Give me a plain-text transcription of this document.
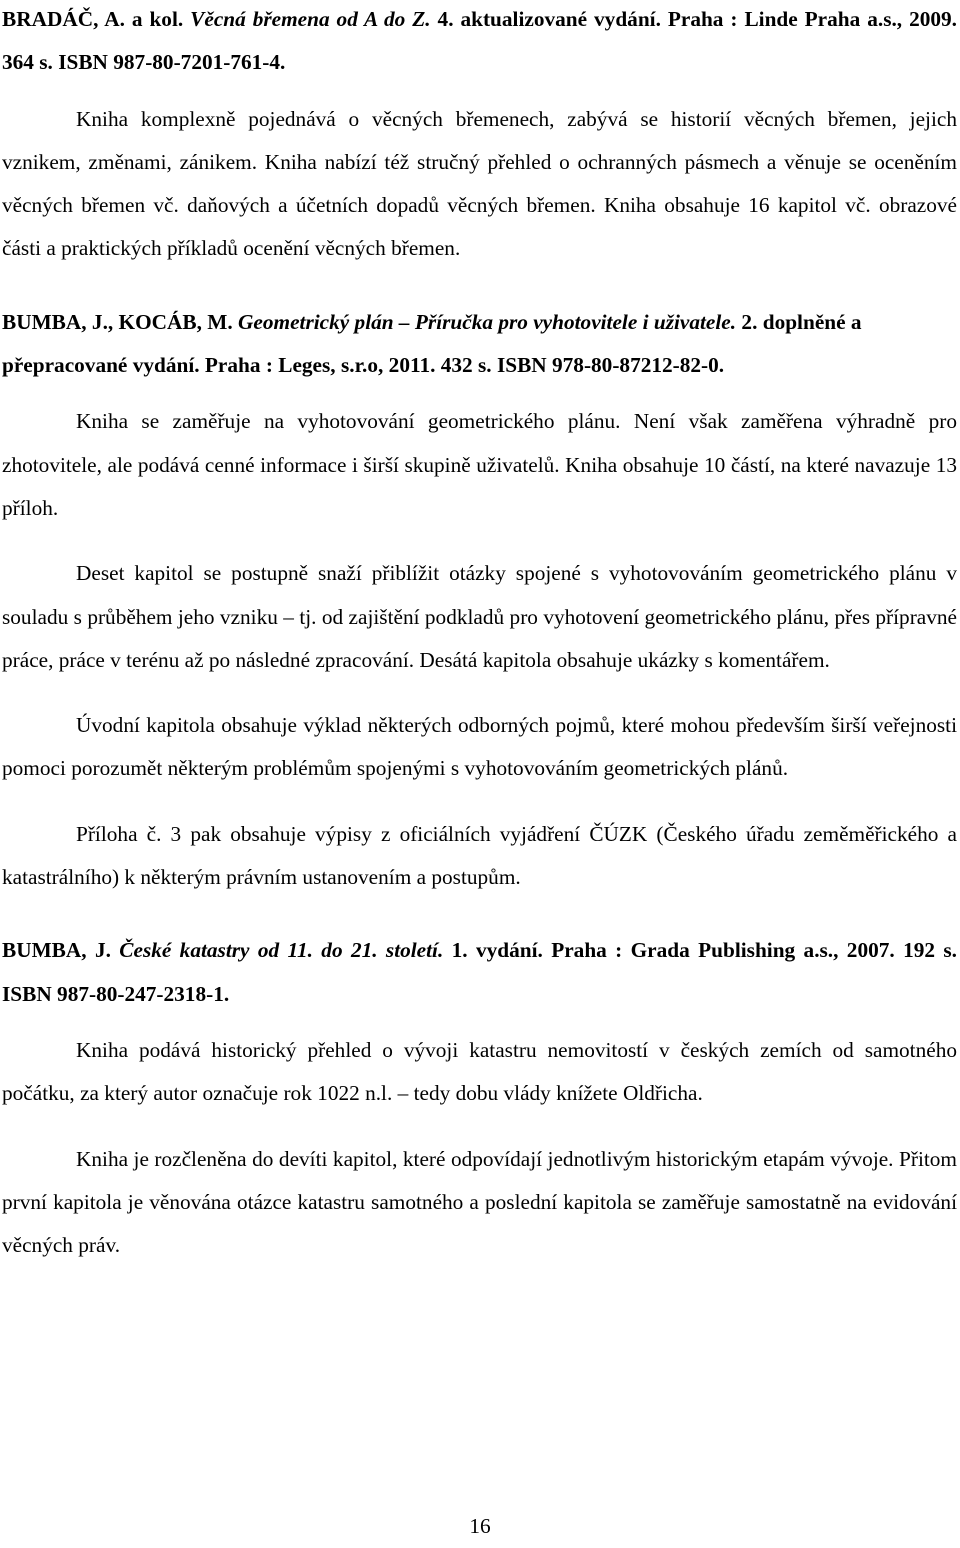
BRADÁČ, A. a kol. Věcná břemena od A do Z. 4. aktualizované vydání. Praha : Linde Praha a.s., 2009. 364 s. ISBN 987-80-7201-761-4.

Kniha komplexně pojednává o věcných břemenech, zabývá se historií věcných břemen, jejich vznikem, změnami, zánikem. Kniha nabízí též stručný přehled o ochranných pásmech a věnuje se oceněním věcných břemen vč. daňových a účetních dopadů věcných břemen. Kniha obsahuje 16 kapitol vč. obrazové části a praktických příkladů ocenění věcných břemen.

BUMBA, J., KOCÁB, M. Geometrický plán – Příručka pro vyhotovitele i uživatele. 2. doplněné a přepracované vydání. Praha : Leges, s.r.o, 2011. 432 s. ISBN 978-80-87212-82-0.

Kniha se zaměřuje na vyhotovování geometrického plánu. Není však zaměřena výhradně pro zhotovitele, ale podává cenné informace i širší skupině uživatelů. Kniha obsahuje 10 částí, na které navazuje 13 příloh.

Deset kapitol se postupně snaží přiblížit otázky spojené s vyhotovováním geometrického plánu v souladu s průběhem jeho vzniku – tj. od zajištění podkladů pro vyhotovení geometrického plánu, přes přípravné práce, práce v terénu až po následné zpracování. Desátá kapitola obsahuje ukázky s komentářem.

Úvodní kapitola obsahuje výklad některých odborných pojmů, které mohou především širší veřejnosti pomoci porozumět některým problémům spojenými s vyhotovováním geometrických plánů.

Příloha č. 3 pak obsahuje výpisy z oficiálních vyjádření ČÚZK (Českého úřadu zeměměřického a katastrálního) k některým právním ustanovením a postupům.

BUMBA, J. České katastry od 11. do 21. století. 1. vydání. Praha : Grada Publishing a.s., 2007. 192 s. ISBN 987-80-247-2318-1.

Kniha podává historický přehled o vývoji katastru nemovitostí v českých zemích od samotného počátku, za který autor označuje rok 1022 n.l. – tedy dobu vlády knížete Oldřicha.

Kniha je rozčleněna do devíti kapitol, které odpovídají jednotlivým historickým etapám vývoje. Přitom první kapitola je věnována otázce katastru samotného a poslední kapitola se zaměřuje samostatně na evidování věcných práv.

16
